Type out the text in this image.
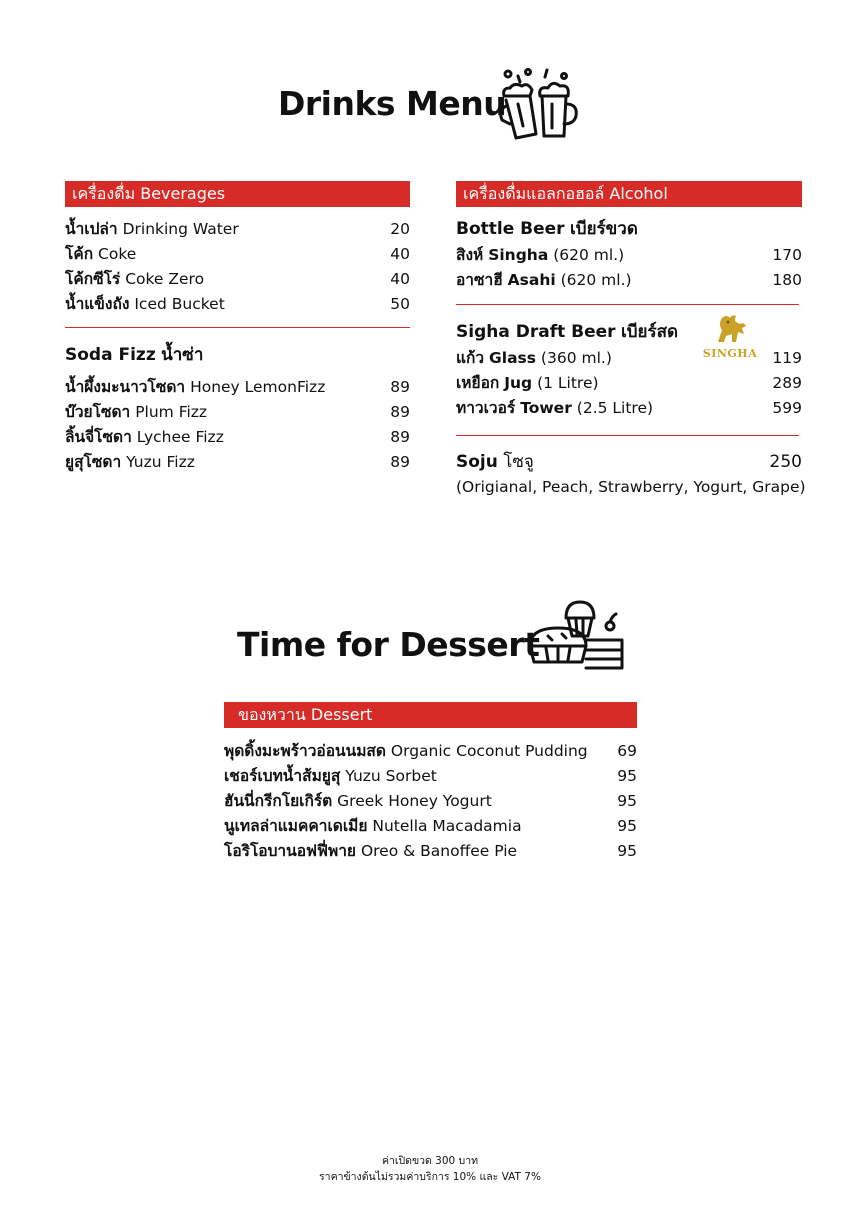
Drinks Menu
เครื่องดื่ม Beverages
น้ำเปล่า Drinking Water	20
โค้ก Coke	40
โค้กซีโร่ Coke Zero	40
น้ำแข็งถัง Iced Bucket	50
Soda Fizz น้ำซ่า
น้ำผึ้งมะนาวโซดา Honey LemonFizz	89
บ๊วยโซดา Plum Fizz	89
ลิ้นจี่โซดา Lychee Fizz	89
ยูสุโซดา Yuzu Fizz	89
เครื่องดื่มแอลกอฮอล์ Alcohol
Bottle Beer เบียร์ขวด
สิงห์ Singha (620 ml.)	170
อาซาฮี Asahi (620 ml.)	180
Sigha Draft Beer เบียร์สด
แก้ว Glass (360 ml.)	119
เหยือก Jug (1 Litre)	289
ทาวเวอร์ Tower (2.5 Litre)	599
Soju โซจู	250
(Origianal, Peach, Strawberry, Yogurt, Grape)
SINGHA
Time for Dessert
ของหวาน Dessert
พุดดิ้งมะพร้าวอ่อนนมสด Organic Coconut Pudding 69
เชอร์เบทน้ำส้มยูสุ Yuzu Sorbet	95
ฮันนี่กรีกโยเกิร์ต Greek Honey Yogurt	95
นูเทลล่าแมคคาเดเมีย Nutella Macadamia	95
โอริโอบานอฟฟี่พาย Oreo & Banoffee Pie	95
ค่าเปิดขวด 300 บาท
ราคาข้างต้นไม่รวมค่าบริการ 10% และ VAT 7%
